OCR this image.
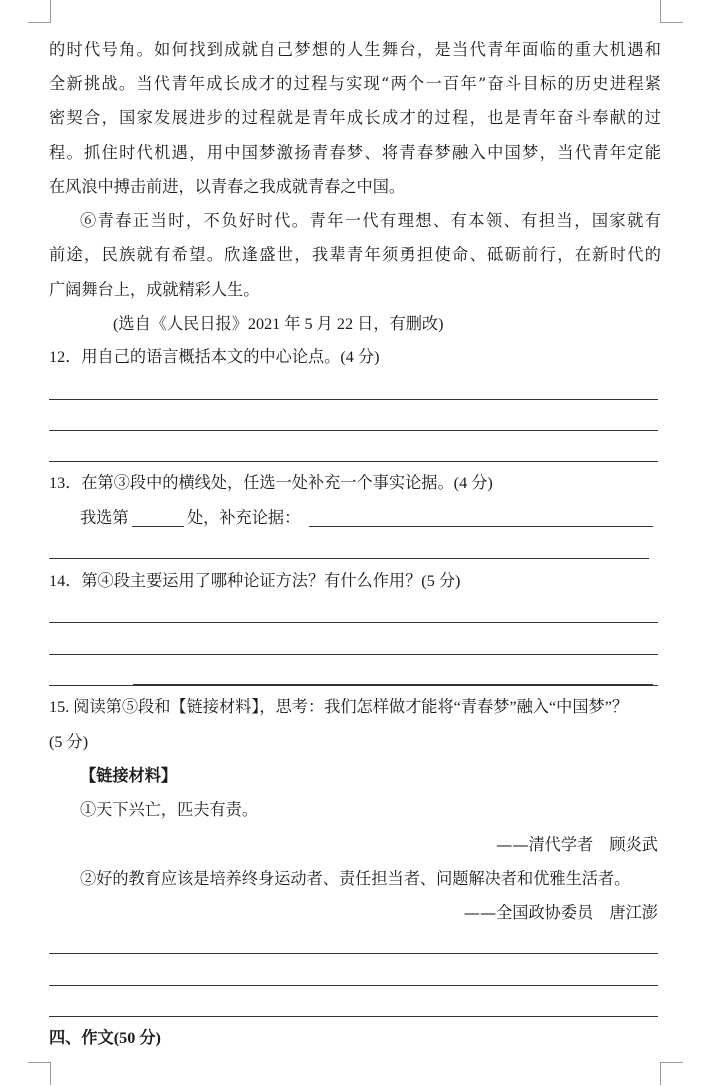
的时代号角。如何找到成就自己梦想的人生舞台，是当代青年面临的重大机遇和
全新挑战。当代青年成长成才的过程与实现“两个一百年”奋斗目标的历史进程紧
密契合，国家发展进步的过程就是青年成长成才的过程，也是青年奋斗奉献的过
程。抓住时代机遇，用中国梦激扬青春梦、将青春梦融入中国梦，当代青年定能
在风浪中搏击前进，以青春之我成就青春之中国。
⑥青春正当时，不负好时代。青年一代有理想、有本领、有担当，国家就有
前途，民族就有希望。欣逢盛世，我辈青年须勇担使命、砥砺前行，在新时代的
广阔舞台上，成就精彩人生。
(选自《人民日报》2021 年 5 月 22 日，有删改)
12．用自己的语言概括本文的中心论点。(4 分)
13．在第③段中的横线处，任选一处补充一个事实论据。(4 分)
我选第	处，补充论据：
14．第④段主要运用了哪种论证方法？有什么作用？(5 分)
15. 阅读第⑤段和【链接材料】，思考：我们怎样做才能将“青春梦”融入“中国梦”？
(5 分)
【链接材料】
①天下兴亡，匹夫有责。
——清代学者　顾炎武
②好的教育应该是培养终身运动者、责任担当者、问题解决者和优雅生活者。
——全国政协委员　唐江澎
四、作文(50 分)
